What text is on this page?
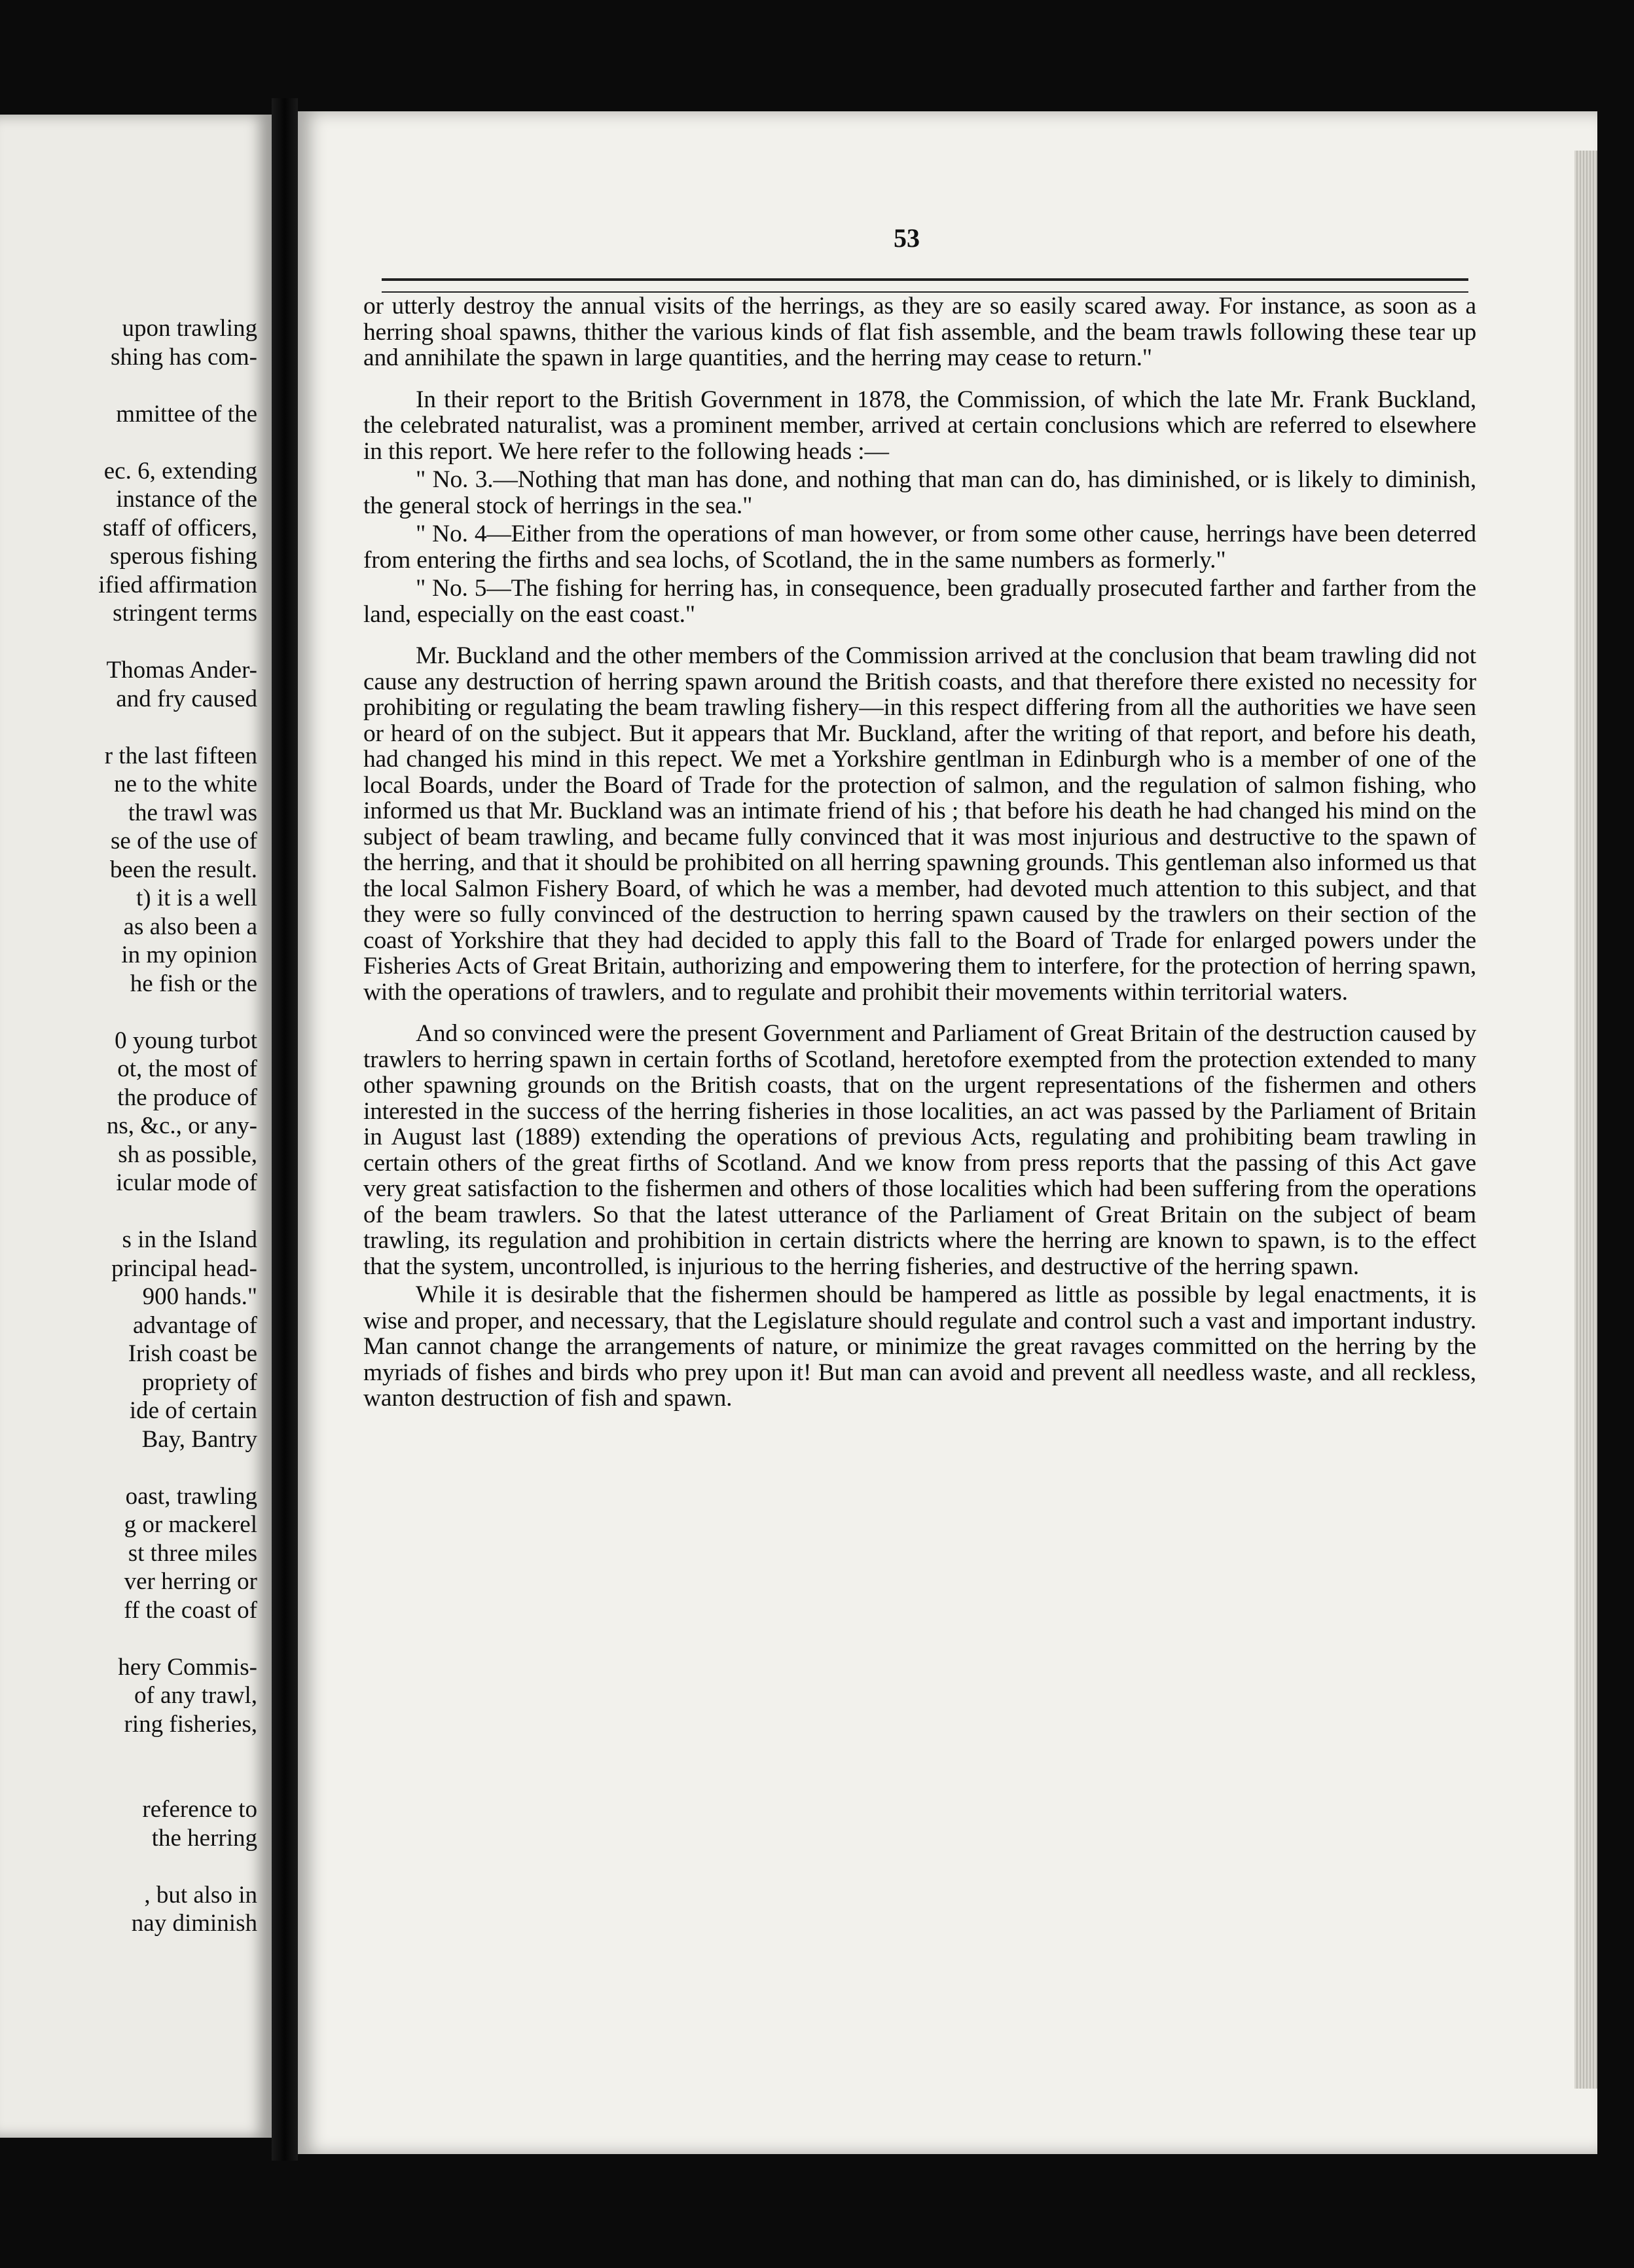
upon trawling
shing has com-
mmittee of the
ec. 6, extending
instance of the
staff of officers,
sperous fishing
ified affirmation
stringent terms
Thomas Ander-
and fry caused
r the last fifteen
ne to the white
the trawl was
se of the use of
been the result.
t) it is a well
as also been a
in my opinion
he fish or the
0 young turbot
ot, the most of
the produce of
ns, &c., or any-
sh as possible,
icular mode of
s in the Island
principal head-
900 hands."
advantage of
Irish coast be
propriety of
ide of certain
Bay, Bantry
oast, trawling
g or mackerel
st three miles
ver herring or
ff the coast of
hery Commis-
of any trawl,
ring fisheries,
reference to
the herring
, but also in
nay diminish
53

or utterly destroy the annual visits of the herrings, as they are so easily scared away. For instance, as soon as a herring shoal spawns, thither the various kinds of flat fish assemble, and the beam trawls following these tear up and annihilate the spawn in large quantities, and the herring may cease to return."

In their report to the British Government in 1878, the Commission, of which the late Mr. Frank Buckland, the celebrated naturalist, was a prominent member, arrived at certain conclusions which are referred to elsewhere in this report. We here refer to the following heads :—

" No. 3.—Nothing that man has done, and nothing that man can do, has diminished, or is likely to diminish, the general stock of herrings in the sea."

" No. 4—Either from the operations of man however, or from some other cause, herrings have been deterred from entering the firths and sea lochs, of Scotland, the in the same numbers as formerly."

" No. 5—The fishing for herring has, in consequence, been gradually prosecuted farther and farther from the land, especially on the east coast."

Mr. Buckland and the other members of the Commission arrived at the conclusion that beam trawling did not cause any destruction of herring spawn around the British coasts, and that therefore there existed no necessity for prohibiting or regulating the beam trawling fishery—in this respect differing from all the authorities we have seen or heard of on the subject. But it appears that Mr. Buckland, after the writing of that report, and before his death, had changed his mind in this repect. We met a Yorkshire gentlman in Edinburgh who is a member of one of the local Boards, under the Board of Trade for the protection of salmon, and the regulation of salmon fishing, who informed us that Mr. Buckland was an intimate friend of his ; that before his death he had changed his mind on the subject of beam trawling, and became fully convinced that it was most injurious and destructive to the spawn of the herring, and that it should be prohibited on all herring spawning grounds. This gentleman also informed us that the local Salmon Fishery Board, of which he was a member, had devoted much attention to this subject, and that they were so fully convinced of the destruction to herring spawn caused by the trawlers on their section of the coast of Yorkshire that they had decided to apply this fall to the Board of Trade for enlarged powers under the Fisheries Acts of Great Britain, authorizing and empowering them to interfere, for the protection of herring spawn, with the operations of trawlers, and to regulate and prohibit their movements within territorial waters.

And so convinced were the present Government and Parliament of Great Britain of the destruction caused by trawlers to herring spawn in certain forths of Scotland, heretofore exempted from the protection extended to many other spawning grounds on the British coasts, that on the urgent representations of the fishermen and others interested in the success of the herring fisheries in those localities, an act was passed by the Parliament of Britain in August last (1889) extending the operations of previous Acts, regulating and prohibiting beam trawling in certain others of the great firths of Scotland. And we know from press reports that the passing of this Act gave very great satisfaction to the fishermen and others of those localities which had been suffering from the operations of the beam trawlers. So that the latest utterance of the Parliament of Great Britain on the subject of beam trawling, its regulation and prohibition in certain districts where the herring are known to spawn, is to the effect that the system, uncontrolled, is injurious to the herring fisheries, and destructive of the herring spawn.

While it is desirable that the fishermen should be hampered as little as possible by legal enactments, it is wise and proper, and necessary, that the Legislature should regulate and control such a vast and important industry. Man cannot change the arrangements of nature, or minimize the great ravages committed on the herring by the myriads of fishes and birds who prey upon it! But man can avoid and prevent all needless waste, and all reckless, wanton destruction of fish and spawn.
